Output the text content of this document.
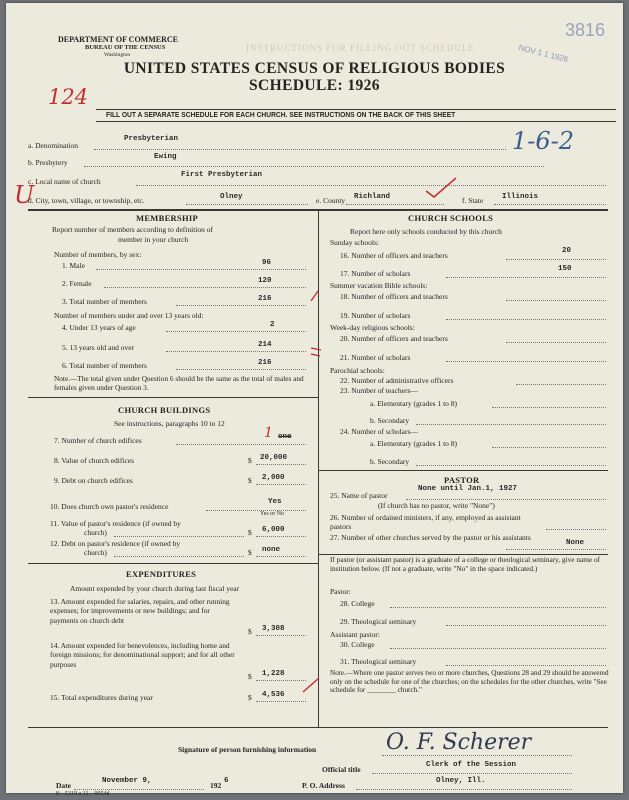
INSTRUCTIONS FOR FILLING OUT SCHEDULE
DEPARTMENT OF COMMERCE
BUREAU OF THE CENSUS
Washington
3816
NOV 1 1 1926
UNITED STATES CENSUS OF RELIGIOUS BODIES
SCHEDULE: 1926
124
FILL OUT A SEPARATE SCHEDULE FOR EACH CHURCH. SEE INSTRUCTIONS ON THE BACK OF THIS SHEET
1-6-2
a. Denomination
Presbyterian
b. Presbytery
Ewing
c. Local name of church
First Presbyterian
U
d. City, town, village, or township, etc.	Olney	e. County Richland	f. State	Illinois
MEMBERSHIP
Report number of members according to definition of
member in your church
Number of members, by sex:
1. Male	96
2. Female	120
3. Total number of members	216
Number of members under and over 13 years old:
4. Under 13 years of age	2
5. 13 years old and over	214
6. Total number of members	216
Note.—The total given under Question 6 should be the same as the total of males and females given under Question 3.
CHURCH BUILDINGS
See instructions, paragraphs 10 to 12
7. Number of church edifices	one
1
8. Value of church edifices	$ 20,000
9. Debt on church edifices	$ 2,000
10. Does church own pastor's residence	Yes
Yes or No
11. Value of pastor's residence (if owned by
church)	$ 6,000
12. Debt on pastor's residence (if owned by
church)	$ none
EXPENDITURES
Amount expended by your church during last fiscal year
13. Amount expended for salaries, repairs, and other running expenses; for improvements or new buildings; and for payments on church debt
$ 3,308
14. Amount expended for benevolences, including home and foreign missions; for denominational support; and for all other purposes
$ 1,228
15. Total expenditures during year	$ 4,536
CHURCH SCHOOLS
Report here only schools conducted by this church
Sunday schools:
16. Number of officers and teachers	20
17. Number of scholars	150
Summer vacation Bible schools:
18. Number of officers and teachers
19. Number of scholars
Week-day religious schools:
20. Number of officers and teachers
21. Number of scholars
Parochial schools:
22. Number of administrative officers
23. Number of teachers—
a. Elementary (grades 1 to 8)
b. Secondary
24. Number of scholars—
a. Elementary (grades 1 to 8)
b. Secondary
PASTOR
25. Name of pastor
None until Jan.1, 1927
(If church has no pastor, write "None")
26. Number of ordained ministers, if any, employed as assistant pastors
27. Number of other churches served by the pastor or his assistants
None
If pastor (or assistant pastor) is a graduate of a college or theological seminary, give name of institution below. (If not a graduate, write "No" in the space indicated.)
Pastor:
28. College
29. Theological seminary
Assistant pastor:
30. College
31. Theological seminary
Note.—Where one pastor serves two or more churches, Questions 28 and 29 should be answered only on the schedule for one of the churches; on the schedules for the other churches, write "See schedule for ________ church."
Signature of person furnishing information	O. F. Scherer
Official title	Clerk of the Session
Date	November 9,	192 6	P. O. Address	Olney, Ill.
8—5319 a 11—9054d
